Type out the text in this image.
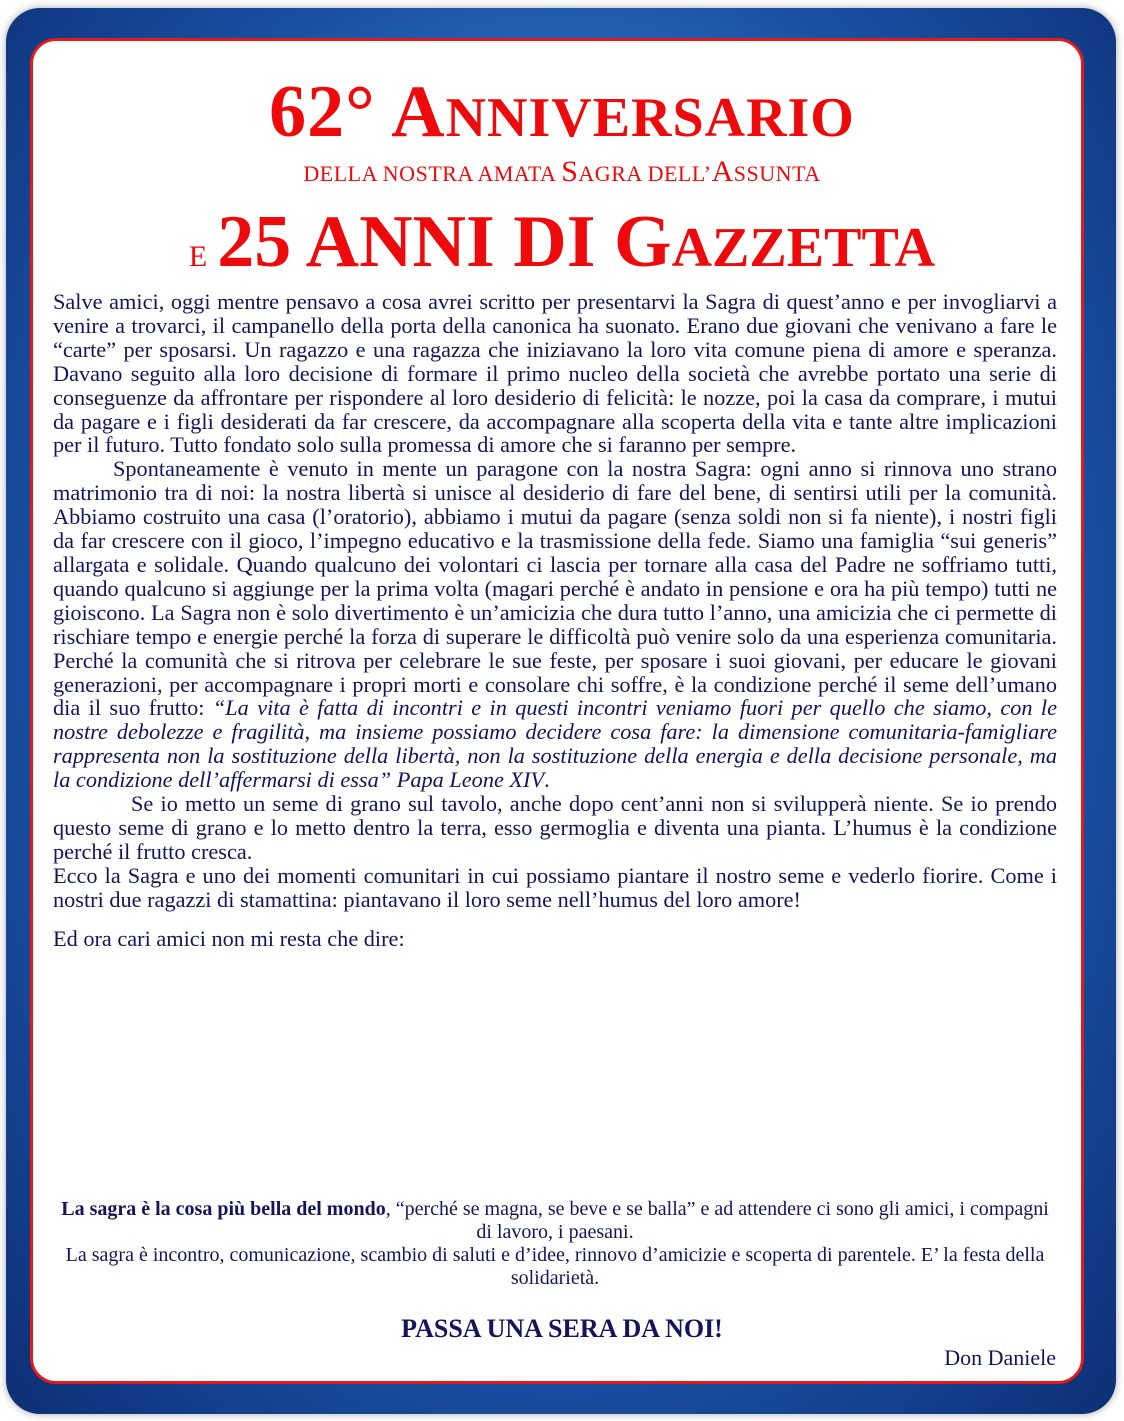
62° ANNIVERSARIO
DELLA NOSTRA AMATA SAGRA DELL’ASSUNTA
E 25 ANNI DI GAZZETTA

Salve amici, oggi mentre pensavo a cosa avrei scritto per presentarvi la Sagra di quest’anno e per invogliarvi a venire a trovarci, il campanello della porta della canonica ha suonato. Erano due giovani che venivano a fare le “carte” per sposarsi. Un ragazzo e una ragazza che iniziavano la loro vita comune piena di amore e speranza. Davano seguito alla loro decisione di formare il primo nucleo della società che avrebbe portato una serie di conseguenze da affrontare per rispondere al loro desiderio di felicità: le nozze, poi la casa da comprare, i mutui da pagare e i figli desiderati da far crescere, da accompagnare alla scoperta della vita e tante altre implicazioni per il futuro. Tutto fondato solo sulla promessa di amore che si faranno per sempre.

Spontaneamente è venuto in mente un paragone con la nostra Sagra: ogni anno si rinnova uno strano matrimonio tra di noi: la nostra libertà si unisce al desiderio di fare del bene, di sentirsi utili per la comunità. Abbiamo costruito una casa (l’oratorio), abbiamo i mutui da pagare (senza soldi non si fa niente), i nostri figli da far crescere con il gioco, l’impegno educativo e la trasmissione della fede. Siamo una famiglia “sui generis” allargata e solidale. Quando qualcuno dei volontari ci lascia per tornare alla casa del Padre ne soffriamo tutti, quando qualcuno si aggiunge per la prima volta (magari perché è andato in pensione e ora ha più tempo) tutti ne gioiscono. La Sagra non è solo divertimento è un’amicizia che dura tutto l’anno, una amicizia che ci permette di rischiare tempo e energie perché la forza di superare le difficoltà può venire solo da una esperienza comunitaria. Perché la comunità che si ritrova per celebrare le sue feste, per sposare i suoi giovani, per educare le giovani generazioni, per accompagnare i propri morti e consolare chi soffre, è la condizione perché il seme dell’umano dia il suo frutto: “La vita è fatta di incontri e in questi incontri veniamo fuori per quello che siamo, con le nostre debolezze e fragilità, ma insieme possiamo decidere cosa fare: la dimensione comunitaria-famigliare rappresenta non la sostituzione della libertà, non la sostituzione della energia e della decisione personale, ma la condizione dell’affermarsi di essa” Papa Leone XIV.

Se io metto un seme di grano sul tavolo, anche dopo cent’anni non si svilupperà niente. Se io prendo questo seme di grano e lo metto dentro la terra, esso germoglia e diventa una pianta. L’humus è la condizione perché il frutto cresca.

Ecco la Sagra e uno dei momenti comunitari in cui possiamo piantare il nostro seme e vederlo fiorire. Come i nostri due ragazzi di stamattina: piantavano il loro seme nell’humus del loro amore!

Ed ora cari amici non mi resta che dire:

La sagra è la cosa più bella del mondo, “perché se magna, se beve e se balla” e ad attendere ci sono gli amici, i compagni di lavoro, i paesani.
La sagra è incontro, comunicazione, scambio di saluti e d’idee, rinnovo d’amicizie e scoperta di parentele. E’ la festa della solidarietà.
PASSA UNA SERA DA NOI!
Don Daniele
